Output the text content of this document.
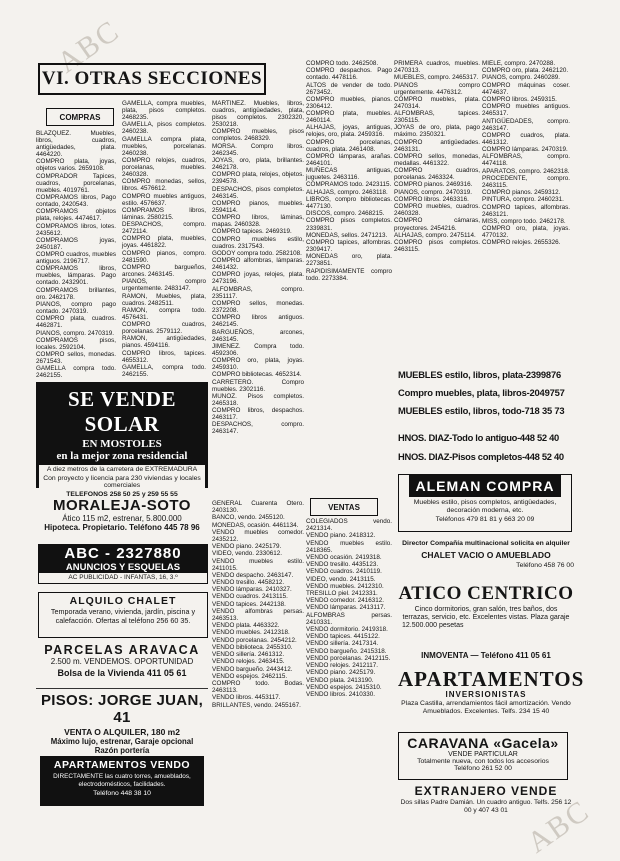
ABC
ABC
VI. OTRAS SECCIONES
COMPRAS
BLAZQUEZ. Muebles, libros, cuadros, antigüedades, plata. 4464220.
COMPRO plata, joyas, objetos varios. 2659108.
COMPRADOR Tapices, cuadros, porcelanas, muebles. 4019761.
COMPRAMOS libros, Pago contado, 2420543.
COMPRAMOS objetos plata, relojes. 4474617.
COMPRAMOS libros, lotes. 2435612.
COMPRAMOS joyas, 2450187.
COMPRO cuadros, muebles antiguos. 2196717.
COMPRAMOS libros, muebles, lámparas. Pago contado. 2432901.
COMPRAMOS brillantes, oro. 2462178.
PIANOS, compro pago contado. 2470319.
COMPRO plata, cuadros. 4462871.
PIANOS, compro. 2470319.
COMPRAMOS pisos, locales. 2592104.
COMPRO sellos, monedas. 2671543.
GAMELLA compra todo. 2462155.
GAMELLA, compra muebles, plata, pisos completos. 2468235.
GAMELLA, pisos completos. 2460238.
GAMELLA compra plata, muebles, porcelanas. 2460238.
COMPRO relojes, cuadros, porcelanas, muebles. 2460328.
COMPRO monedas, sellos, libros. 4576612.
COMPRO muebles antiguos, estilo. 4576637.
COMPRAMOS libros, láminas. 2580215.
DESPACHOS, compro. 2472114.
COMPRO plata, muebles, joyas. 4461822.
COMPRO pianos, compro. 2481590.
COMPRO bargueños, arcones. 2463145.
PIANOS, compro urgentemente. 2483147.
RAMON, Muebles, plata, cuadros. 2482511.
RAMON, compra todo. 4576431.
COMPRO cuadros, porcelanas. 2579112.
RAMON, antigüedades, pianos. 4594116.
COMPRO libros, tapices. 4655312.
GAMELLA, compra todo. 2462155.
MARTINEZ. Muebles, libros, cuadros, antigüedades, plata, pisos completos. 2302320, 2530218.
COMPRO muebles, pisos completos. 2468329.
MORSA. Compro libros. 2462345.
JOYAS, oro, plata, brillantes. 2462178.
COMPRO plata, relojes, objetos. 2394578.
DESPACHOS, pisos completos. 2463145.
COMPRO pianos, muebles. 2594114.
COMPRO libros, láminas, mapas. 2460328.
COMPRO tapices. 2469319.
COMPRO muebles estilo, cuadros. 2317543.
GODOY compra todo. 2582108.
COMPRO alfombras, lámparas. 2461432.
COMPRO joyas, relojes, plata. 2473196.
ALFOMBRAS, compro. 2351117.
COMPRO sellos, monedas. 2372208.
COMPRO libros antiguos. 2462145.
BARGUEÑOS, arcones, 2463145.
JIMENEZ. Compra todo. 4592306.
COMPRO oro, plata, joyas. 2459310.
COMPRO bibliotecas. 4652314.
CARRETERO. Compro muebles. 2302116.
MUNOZ. Pisos completos. 2465318.
COMPRO libros, despachos. 2463117.
DESPACHOS, compro. 2463147.
COMPRO todo. 2462508.
COMPRO despachos. Pago contado. 4478116.
ALTOS de vender de todo. 2673452.
COMPRO muebles, pianos. 2306412.
COMPRO plata, muebles. 2460114.
ALHAJAS, joyas, antiguas, relojes, oro, plata. 2459316.
COMPRO porcelanas, cuadros, plata. 2461408.
COMPRO lámparas, arañas. 2464101.
MUÑECAS antiguas, juguetes. 2463116.
COMPRAMOS todo. 2423115.
ALHAJAS, compro. 2463118.
LIBROS, compro bibliotecas. 4477130.
DISCOS, compro. 2468215.
COMPRO pisos completos. 2339831.
MONEDAS, sellos. 2471213.
COMPRO tapices, alfombras. 2309417.
MONEDAS oro, plata. 2273851.
RAPIDISIMAMENTE compro todo. 2273384.
PRIMERA cuadros, muebles. 2470313.
MUEBLES, compro. 2465317.
PIANOS compro urgentemente. 4476312.
COMPRO muebles, plata. 2470314.
ALFOMBRAS, tapices. 2305115.
JOYAS de oro, plata, pago máximo. 2350321.
COMPRO antigüedades. 2463131.
COMPRO sellos, monedas, medallas. 4461322.
COMPRO cuadros, porcelanas. 2463324.
COMPRO pianos. 2469316.
PIANOS, compro. 2470319.
COMPRO libros. 2463316.
COMPRO muebles, cuadros. 2460328.
COMPRO cámaras, proyectores. 2454216.
ALHAJAS, compro. 2475114.
COMPRO pisos completos. 2463115.
MIELE, compro. 2470288.
COMPRO oro, plata. 2462120.
PIANOS, compro. 2460289.
COMPRO máquinas coser. 4474637.
COMPRO libros. 2459315.
COMPRO muebles antiguos. 2465317.
ANTIGÜEDADES, compro. 2463147.
COMPRO cuadros, plata. 4461312.
COMPRO lámparas. 2470319.
ALFOMBRAS, compro. 4474118.
APARATOS, compro. 2462318.
PROCEDENTE, compro. 2463115.
COMPRO pianos. 2459312.
PINTURA, compro. 2460231.
COMPRO tapices, alfombras. 2463121.
MISS, compro todo. 2462178.
COMPRO oro, plata, joyas. 4770132.
COMPRO relojes. 2655326.
VENTAS
GENERAL Cuarenta Otero. 2403130.
BANCO, vendo. 2455120.
MONEDAS, ocasión. 4461134.
VENDO muebles comedor. 2435212.
VENDO piano. 2425179.
VIDEO, vendo. 2330612.
VENDO muebles estilo. 2411015.
VENDO despacho. 2463147.
VENDO tresillo. 4458212.
VENDO lámparas. 2410327.
VENDO cuadros. 2413115.
VENDO tapices. 2442138.
VENDO alfombras persas. 2463513.
VENDO plata. 4463322.
VENDO muebles. 2412318.
VENDO porcelanas. 2454212.
VENDO biblioteca. 2455310.
VENDO sillería. 2461312.
VENDO relojes. 2463415.
VENDO bargueño. 2443412.
VENDO espejos. 2462115.
COMPRO todo. Bodas. 2463113.
VENDO libros. 4453117.
BRILLANTES, vendo. 2455167.
COLEGIADOS vendo. 2421314.
VENDO piano. 2418312.
VENDO muebles estilo. 2418365.
VENDO ocasión. 2419318.
VENDO tresillo. 4435123.
VENDO cuadros. 2410119.
VIDEO, vendo. 2413115.
VENDO muebles. 2412310.
TRESILLO piel. 2412331.
VENDO comedor. 2416312.
VENDO lámparas. 2413117.
ALFOMBRAS persas. 2410331.
VENDO dormitorio. 2419318.
VENDO tapices. 4415122.
VENDO sillería. 2417314.
VENDO bargueño. 2415318.
VENDO porcelanas. 2412115.
VENDO relojes. 2412117.
VENDO piano. 2425179.
VENDO plata. 2413190.
VENDO espejos. 2415310.
VENDO libros. 2410330.
SE VENDE SOLAR
EN MOSTOLES
en la mejor zona residencial
A diez metros de la carretera de EXTREMADURA
Con proyecto y licencia para 230 viviendas y locales comerciales
TELEFONOS 258 50 25 y 259 55 55
MORALEJA-SOTO
Ático 115 m2, estrenar, 5.800.000
Hipoteca. Propietario. Teléfono 445 78 96
ABC - 2327880
ANUNCIOS Y ESQUELAS
AC PUBLICIDAD - INFANTAS, 16, 3.º
ALQUILO CHALET
Temporada verano, vivienda, jardín, piscina y calefacción. Ofertas al teléfono 256 60 35.
PARCELAS ARAVACA
2.500 m. VENDEMOS. OPORTUNIDAD
Bolsa de la Vivienda 411 05 61
PISOS: JORGE JUAN, 41
VENTA O ALQUILER, 180 m2
Máximo lujo, estrenar, Garaje opcional
Razón portería
APARTAMENTOS VENDO
DIRECTAMENTE las cuatro torres, amueblados, electrodomésticos, facilidades.
Teléfono 448 38 10
MUEBLES estilo, libros, plata-2399876
Compro muebles, plata, libros-2049757
MUEBLES estilo, libros, todo-718 35 73
HNOS. DIAZ-Todo lo antiguo-448 52 40
HNOS. DIAZ-Pisos completos-448 52 40
ALEMAN COMPRA
Muebles estilo, pisos completos, antigüedades, decoración moderna, etc.
Teléfonos 479 81 81 y 663 20 09
Director Compañía multinacional solicita en alquiler
CHALET VACIO O AMUEBLADO
Teléfono 458 76 00
ATICO CENTRICO
Cinco dormitorios, gran salón, tres baños, dos terrazas, servicio, etc. Excelentes vistas. Plaza garaje
12.500.000 pesetas
INMOVENTA — Teléfono 411 05 61
APARTAMENTOS
INVERSIONISTAS
Plaza Castilla, arrendamientos fácil amortización. Vendo Amueblados. Excelentes. Telfs. 234 15 40
CARAVANA «Gacela»
VENDE PARTICULAR
Totalmente nueva, con todos los accesorios
Teléfono 261 52 00
EXTRANJERO VENDE
Dos sillas Padre Damián. Un cuadro antiguo. Telfs. 256 12 00 y 407 43 01
